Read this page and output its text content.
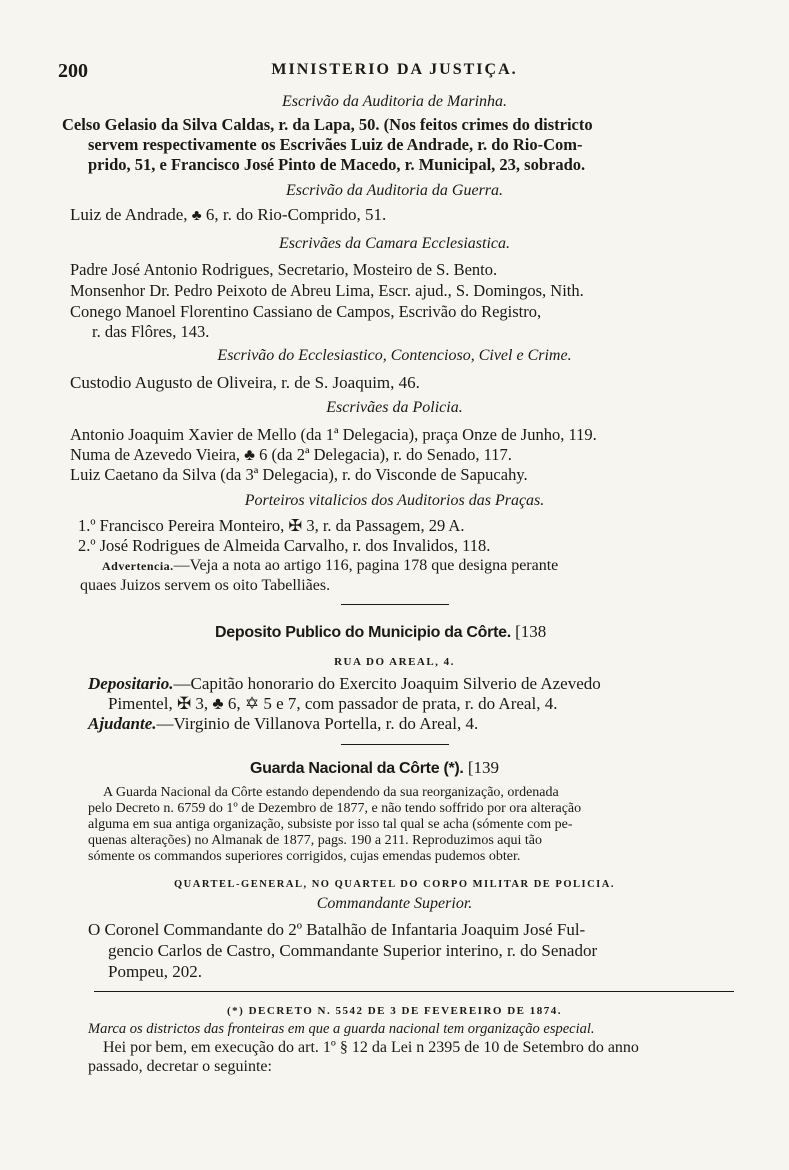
200	MINISTERIO DA JUSTIÇA.
Escrivão da Auditoria de Marinha.
Celso Gelasio da Silva Caldas, r. da Lapa, 50. (Nos feitos crimes do districto
servem respectivamente os Escrivães Luiz de Andrade, r. do Rio-Com-
prido, 51, e Francisco José Pinto de Macedo, r. Municipal, 23, sobrado.
Escrivão da Auditoria da Guerra.
Luiz de Andrade, ♣ 6, r. do Rio-Comprido, 51.
Escrivães da Camara Ecclesiastica.
Padre José Antonio Rodrigues, Secretario, Mosteiro de S. Bento.
Monsenhor Dr. Pedro Peixoto de Abreu Lima, Escr. ajud., S. Domingos, Nith.
Conego Manoel Florentino Cassiano de Campos, Escrivão do Registro,
r. das Flôres, 143.
Escrivão do Ecclesiastico, Contencioso, Civel e Crime.
Custodio Augusto de Oliveira, r. de S. Joaquim, 46.
Escrivães da Policia.
Antonio Joaquim Xavier de Mello (da 1ª Delegacia), praça Onze de Junho, 119.
Numa de Azevedo Vieira, ♣ 6 (da 2ª Delegacia), r. do Senado, 117.
Luiz Caetano da Silva (da 3ª Delegacia), r. do Visconde de Sapucahy.
Porteiros vitalicios dos Auditorios das Praças.
1.º Francisco Pereira Monteiro, ✠ 3, r. da Passagem, 29 A.
2.º José Rodrigues de Almeida Carvalho, r. dos Invalidos, 118.
Advertencia.—Veja a nota ao artigo 116, pagina 178 que designa perante
quaes Juizos servem os oito Tabelliães.
Deposito Publico do Municipio da Côrte. [138
RUA DO AREAL, 4.
Depositario.—Capitão honorario do Exercito Joaquim Silverio de Azevedo
Pimentel, ✠ 3, ♣ 6, ✡ 5 e 7, com passador de prata, r. do Areal, 4.
Ajudante.—Virginio de Villanova Portella, r. do Areal, 4.
Guarda Nacional da Côrte (*). [139
A Guarda Nacional da Côrte estando dependendo da sua reorganização, ordenada
pelo Decreto n. 6759 do 1º de Dezembro de 1877, e não tendo soffrido por ora alteração
alguma em sua antiga organização, subsiste por isso tal qual se acha (sómente com pe-
quenas alterações) no Almanak de 1877, pags. 190 a 211. Reproduzimos aqui tão
sómente os commandos superiores corrigidos, cujas emendas pudemos obter.
QUARTEL-GENERAL, NO QUARTEL DO CORPO MILITAR DE POLICIA.
Commandante Superior.
O Coronel Commandante do 2º Batalhão de Infantaria Joaquim José Ful-
gencio Carlos de Castro, Commandante Superior interino, r. do Senador
Pompeu, 202.
(*) DECRETO N. 5542 DE 3 DE FEVEREIRO DE 1874.
Marca os districtos das fronteiras em que a guarda nacional tem organização especial.
Hei por bem, em execução do art. 1º § 12 da Lei n 2395 de 10 de Setembro do anno
passado, decretar o seguinte:
